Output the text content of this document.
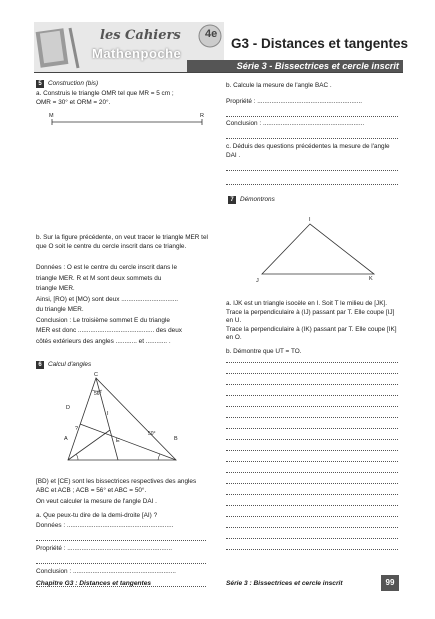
les Cahiers
Mathenpoche
4e
G3 - Distances et tangentes
Série 3 - Bissectrices et cercle inscrit
5 Construction (bis)
a. Construis le triangle OMR tel que MR = 5 cm ;
OMR = 30° et ORM = 20°.
M	R
b. Sur la figure précédente, on veut tracer le triangle MER tel que O soit le centre du cercle inscrit dans ce triangle.
Données : O est le centre du cercle inscrit dans le
triangle MER. R et M sont deux sommets du
triangle MER.
Ainsi, [RO) et [MO) sont deux ................................
du triangle MER.
Conclusion : Le troisième sommet E du triangle
MER est donc ........................................... des deux
côtés extérieurs des angles ............ et ............ .
6 Calcul d'angles
C
56°
D
I
?
50°
A	E	B
[BD) et [CE) sont les bissectrices respectives des angles ABC et ACB ; ACB = 56° et ABC = 50°.
On veut calculer la mesure de l'angle DAI .
a. Que peux-tu dire de la demi-droite [AI) ?
Données : ............................................................
Propriété : ...........................................................
Conclusion : ..........................................................
b. Calcule la mesure de l'angle BAC .
Propriété : ...........................................................
Conclusion : .........................................................
c. Déduis des questions précédentes la mesure de l'angle DAI .
7 Démontrons
I
J	K
a. IJK est un triangle isocèle en I. Soit T le milieu de [JK].
Trace la perpendiculaire à (IJ) passant par T. Elle coupe [IJ] en U.
Trace la perpendiculaire à (IK) passant par T. Elle coupe [IK] en O.
b. Démontre que UT = TO.
Chapitre G3 : Distances et tangentes	Série 3 : Bissectrices et cercle inscrit	99
